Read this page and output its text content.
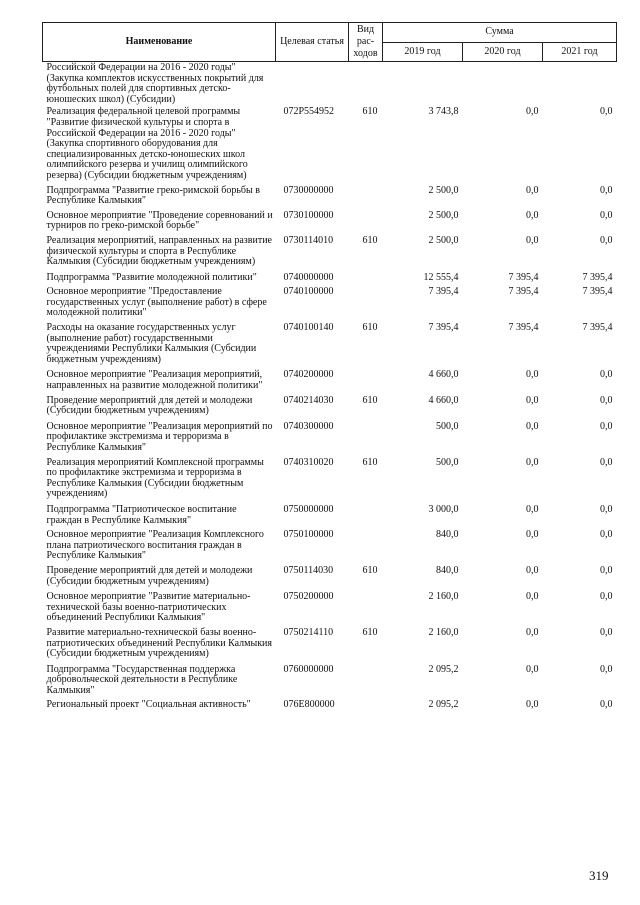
Наименование	Целевая статья	Вид рас-ходов	Сумма		
			2019 год	2020 год	2021 год
Российской Федерации на 2016 - 2020 годы" (Закупка комплектов искусственных покрытий для футбольных полей для спортивных детско-юношеских школ) (Субсидии)					
Реализация федеральной целевой программы "Развитие физической культуры и спорта в Российской Федерации на 2016 - 2020 годы" (Закупка спортивного оборудования для специализированных детско-юношеских школ олимпийского резерва и училищ олимпийского резерва) (Субсидии бюджетным учреждениям)	072P554952	610	3 743,8	0,0	0,0
Подпрограмма "Развитие греко-римской борьбы в Республике Калмыкия"	0730000000		2 500,0	0,0	0,0
Основное мероприятие "Проведение соревнований и турниров по греко-римской борьбе"	0730100000		2 500,0	0,0	0,0
Реализация мероприятий, направленных на развитие физической культуры и спорта в Республике Калмыкия (Субсидии бюджетным учреждениям)	0730114010	610	2 500,0	0,0	0,0
Подпрограмма "Развитие молодежной политики"	0740000000		12 555,4	7 395,4	7 395,4
Основное мероприятие "Предоставление государственных услуг (выполнение работ) в сфере молодежной политики"	0740100000		7 395,4	7 395,4	7 395,4
Расходы на оказание государственных услуг (выполнение работ) государственными учреждениями Республики Калмыкия (Субсидии бюджетным учреждениям)	0740100140	610	7 395,4	7 395,4	7 395,4
Основное мероприятие "Реализация мероприятий, направленных на развитие молодежной политики"	0740200000		4 660,0	0,0	0,0
Проведение мероприятий для детей и молодежи (Субсидии бюджетным учреждениям)	0740214030	610	4 660,0	0,0	0,0
Основное мероприятие "Реализация мероприятий по профилактике экстремизма и терроризма в Республике Калмыкия"	0740300000		500,0	0,0	0,0
Реализация мероприятий Комплексной программы по профилактике экстремизма и терроризма в Республике Калмыкия (Субсидии бюджетным учреждениям)	0740310020	610	500,0	0,0	0,0
Подпрограмма "Патриотическое воспитание граждан в Республике Калмыкия"	0750000000		3 000,0	0,0	0,0
Основное мероприятие "Реализация Комплексного плана патриотического воспитания граждан в Республике Калмыкия"	0750100000		840,0	0,0	0,0
Проведение мероприятий для детей и молодежи (Субсидии бюджетным учреждениям)	0750114030	610	840,0	0,0	0,0
Основное мероприятие "Развитие материально-технической базы военно-патриотических объединений Республики Калмыкия"	0750200000		2 160,0	0,0	0,0
Развитие материально-технической базы военно-патриотических объединений Республики Калмыкия (Субсидии бюджетным учреждениям)	0750214110	610	2 160,0	0,0	0,0
Подпрограмма "Государственная поддержка добровольческой деятельности в Республике Калмыкия"	0760000000		2 095,2	0,0	0,0
Региональный проект "Социальная активность"	076E800000		2 095,2	0,0	0,0
319
